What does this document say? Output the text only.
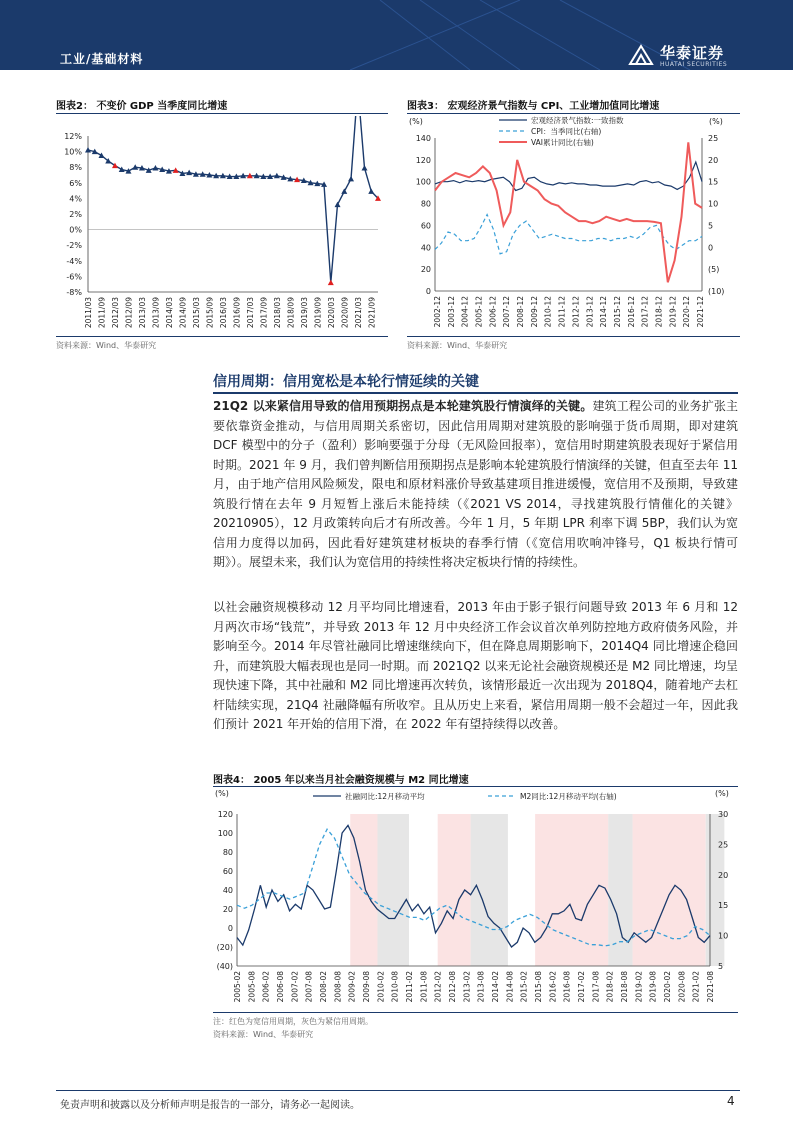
工业/基础材料	华泰证券
HUATAI SECURITIES
图表2： 不变价 GDP 当季度同比增速
-8%
-6%
-4%
-2%
0%
2%
4%
6%
8%
10%
12%
2011/03 2011/09 2012/03 2012/09 2013/03 2013/09 2014/03 2014/09 2015/03 2015/09 2016/03 2016/09 2017/03 2017/09 2018/03 2018/09 2019/03 2019/09 2020/03 2020/09 2021/03 2021/09
资料来源：Wind、华泰研究
图表3： 宏观经济景气指数与 CPI、工业增加值同比增速
(%)	(%)
0
20
40
60
80
100
120
140
(10)
(5)
0
5
10
15
20
25
宏观经济景气指数:一致指数
CPI：当季同比(右轴)
VAI累计同比(右轴)
2002-12 2003-12 2004-12 2005-12 2006-12 2007-12 2008-12 2009-12 2010-12 2011-12 2012-12 2013-12 2014-12 2015-12 2016-12 2017-12 2018-12 2019-12 2020-12 2021-12
资料来源：Wind、华泰研究
信用周期：信用宽松是本轮行情延续的关键
21Q2 以来紧信用导致的信用预期拐点是本轮建筑股行情演绎的关键。建筑工程公司的业务扩张主要依靠资金推动，与信用周期关系密切，因此信用周期对建筑股的影响强于货币周期，即对建筑 DCF 模型中的分子（盈利）影响要强于分母（无风险回报率），宽信用时期建筑股表现好于紧信用时期。2021 年 9 月，我们曾判断信用预期拐点是影响本轮建筑股行情演绎的关键，但直至去年 11 月，由于地产信用风险频发，限电和原材料涨价导致基建项目推进缓慢，宽信用不及预期，导致建筑股行情在去年 9 月短暂上涨后未能持续（《2021 VS 2014，寻找建筑股行情催化的关键》20210905），12 月政策转向后才有所改善。今年 1 月，5 年期 LPR 利率下调 5BP，我们认为宽信用力度得以加码，因此看好建筑建材板块的春季行情（《宽信用吹响冲锋号，Q1 板块行情可期》）。展望未来，我们认为宽信用的持续性将决定板块行情的持续性。
以社会融资规模移动 12 月平均同比增速看，2013 年由于影子银行问题导致 2013 年 6 月和 12 月两次市场“钱荒”，并导致 2013 年 12 月中央经济工作会议首次单列防控地方政府债务风险，并影响至今。2014 年尽管社融同比增速继续向下，但在降息周期影响下，2014Q4 同比增速企稳回升，而建筑股大幅表现也是同一时期。而 2021Q2 以来无论社会融资规模还是 M2 同比增速，均呈现快速下降，其中社融和 M2 同比增速再次转负，该情形最近一次出现为 2018Q4，随着地产去杠杆陆续实现，21Q4 社融降幅有所收窄。且从历史上来看，紧信用周期一般不会超过一年，因此我们预计 2021 年开始的信用下滑，在 2022 年有望持续得以改善。
图表4： 2005 年以来当月社会融资规模与 M2 同比增速
(%)	(%)
(40)
(20)
0
20
40
60
80
100
120
5
10
15
20
25
30
社融同比:12月移动平均	M2同比:12月移动平均(右轴)
2005-02 2005-08 2006-02 2006-08 2007-02 2007-08 2008-02 2008-08 2009-02 2009-08 2010-02 2010-08 2011-02 2011-08 2012-02 2012-08 2013-02 2013-08 2014-02 2014-08 2015-02 2015-08 2016-02 2016-08 2017-02 2017-08 2018-02 2018-08 2019-02 2019-08 2020-02 2020-08 2021-02 2021-08
注：红色为宽信用周期，灰色为紧信用周期。
资料来源：Wind、华泰研究
免责声明和披露以及分析师声明是报告的一部分，请务必一起阅读。	4
